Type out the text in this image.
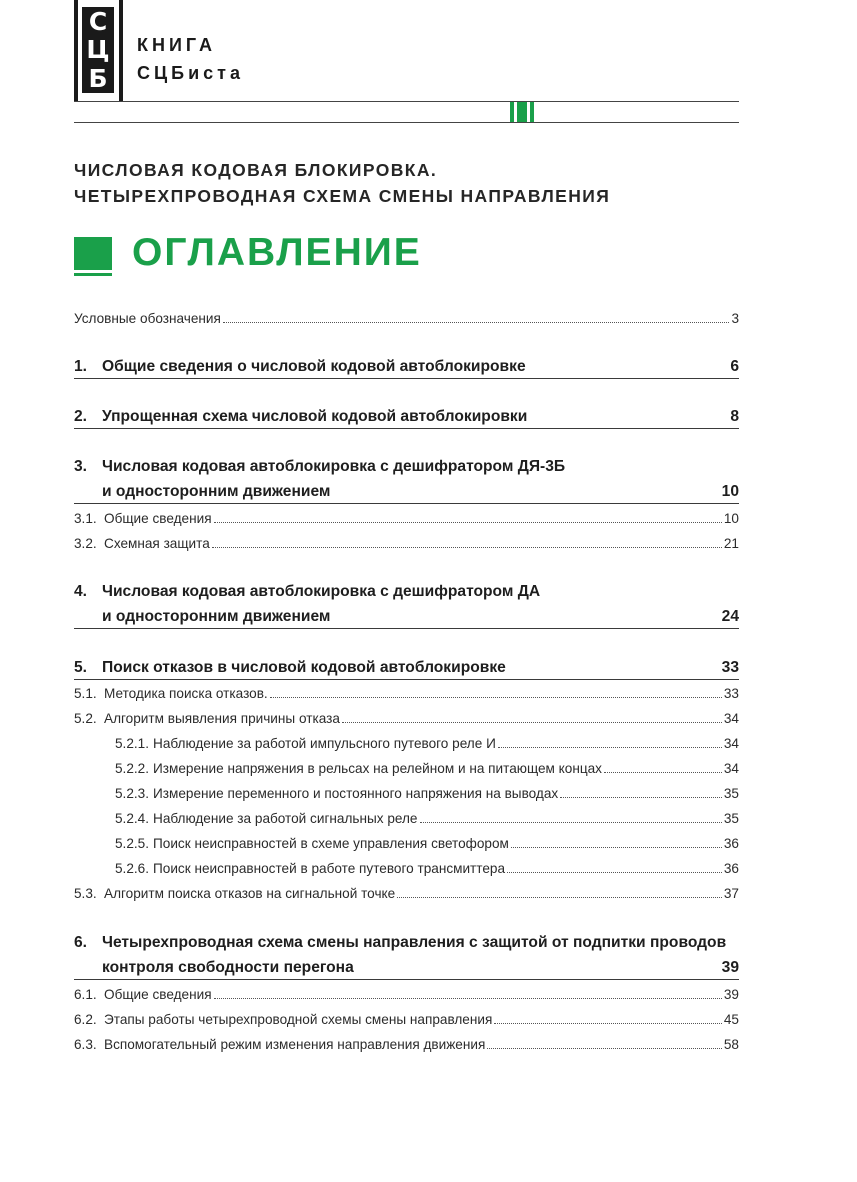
С
Ц
Б
КНИГА
СЦБиста
ЧИСЛОВАЯ КОДОВАЯ БЛОКИРОВКА.
ЧЕТЫРЕХПРОВОДНАЯ СХЕМА СМЕНЫ НАПРАВЛЕНИЯ
ОГЛАВЛЕНИЕ
Условные обозначения	3
1. Общие сведения о числовой кодовой автоблокировке	6
2. Упрощенная схема числовой кодовой автоблокировки	8
3. Числовая кодовая автоблокировка с дешифратором ДЯ-3Б
и односторонним движением	10
3.1. Общие сведения	10
3.2. Схемная защита	21
4. Числовая кодовая автоблокировка с дешифратором ДА
и односторонним движением	24
5. Поиск отказов в числовой кодовой автоблокировке	33
5.1. Методика поиска отказов.	33
5.2. Алгоритм выявления причины отказа	34
5.2.1. Наблюдение за работой импульсного путевого реле И	34
5.2.2. Измерение напряжения в рельсах на релейном и на питающем концах	34
5.2.3. Измерение переменного и постоянного напряжения на выводах	35
5.2.4. Наблюдение за работой сигнальных реле	35
5.2.5. Поиск неисправностей в схеме управления светофором	36
5.2.6. Поиск неисправностей в работе путевого трансмиттера	36
5.3. Алгоритм поиска отказов на сигнальной точке	37
6. Четырехпроводная схема смены направления с защитой от подпитки проводов
контроля свободности перегона	39
6.1. Общие сведения	39
6.2. Этапы работы четырехпроводной схемы смены направления	45
6.3. Вспомогательный режим изменения направления движения	58
